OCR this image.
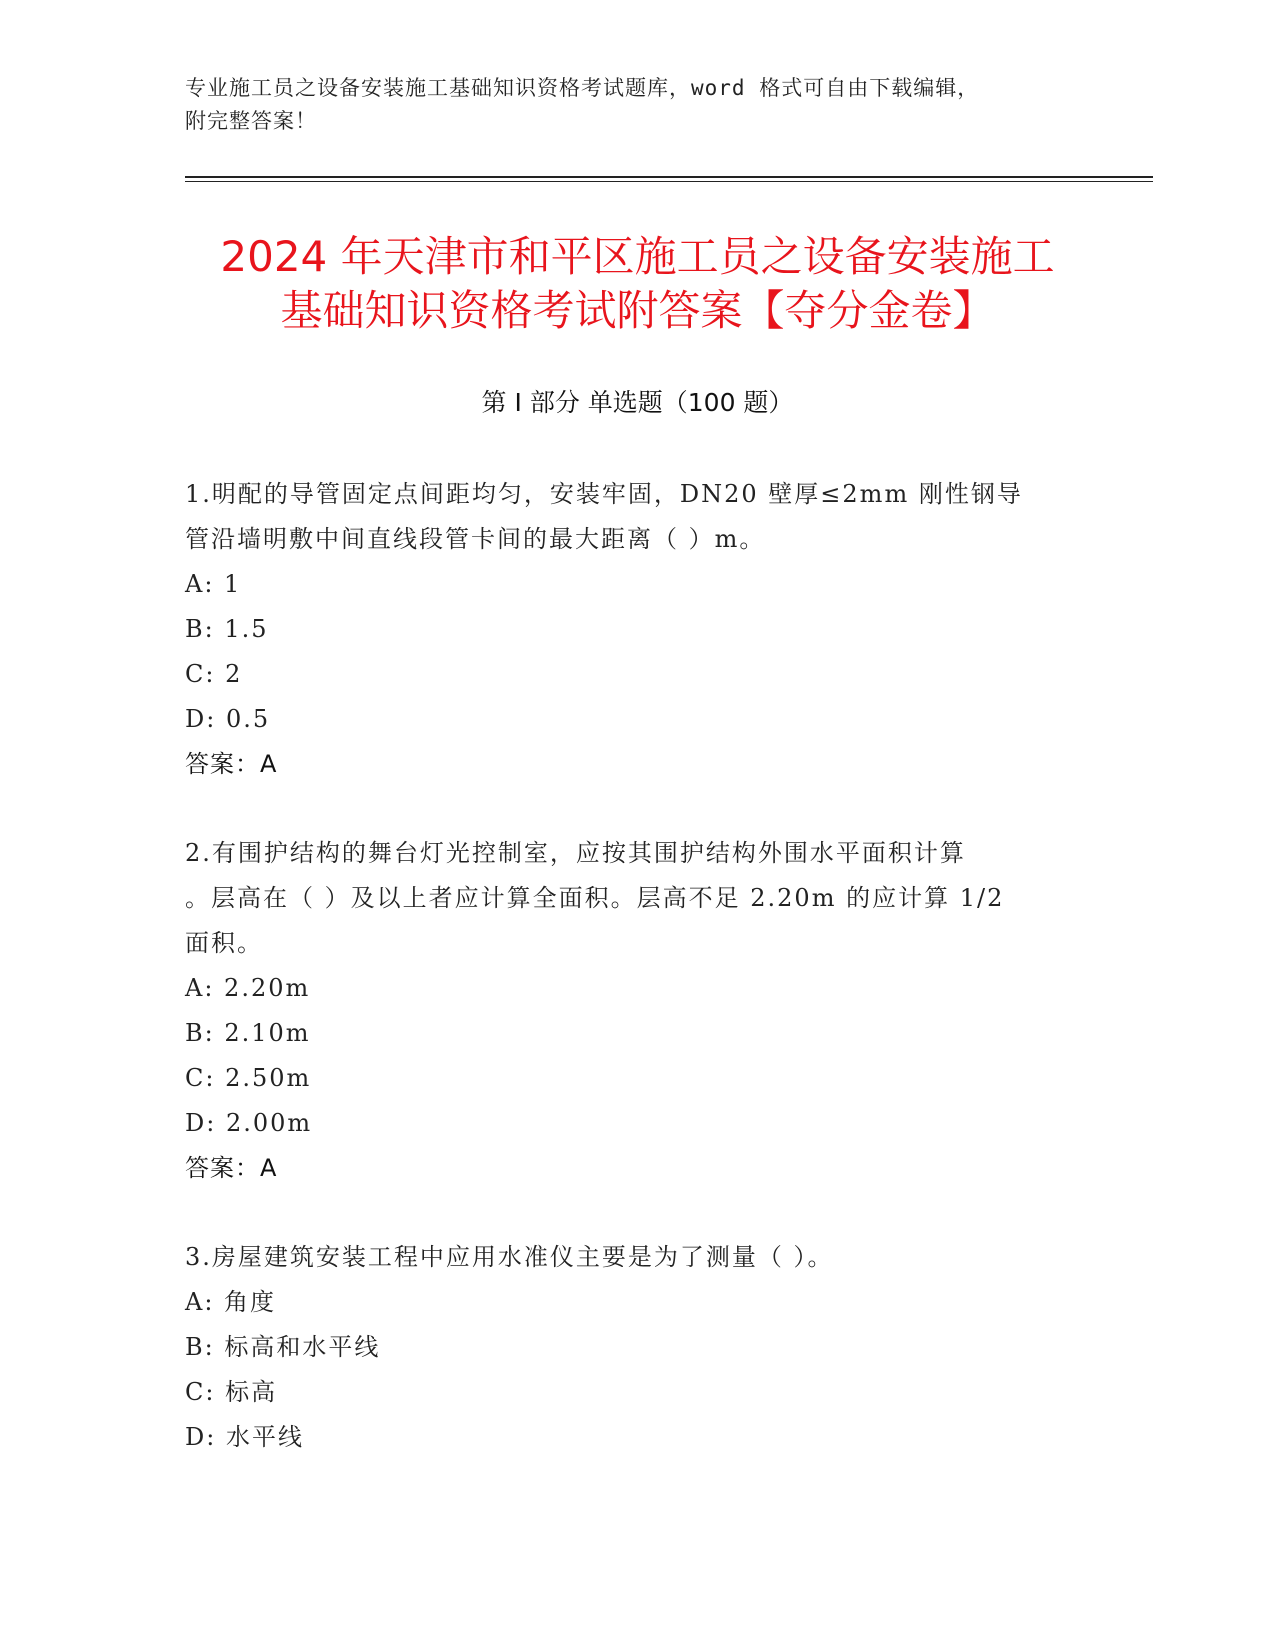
专业施工员之设备安装施工基础知识资格考试题库，word 格式可自由下载编辑，
附完整答案！
2024 年天津市和平区施工员之设备安装施工
基础知识资格考试附答案【夺分金卷】
第 I 部分 单选题（100 题）
1.明配的导管固定点间距均匀，安装牢固，DN20 壁厚≤2mm 刚性钢导
管沿墙明敷中间直线段管卡间的最大距离（ ）m。
A: 1
B: 1.5
C: 2
D: 0.5
答案：A
2.有围护结构的舞台灯光控制室，应按其围护结构外围水平面积计算
。层高在（ ）及以上者应计算全面积。层高不足 2.20m 的应计算 1/2
面积。
A: 2.20m
B: 2.10m
C: 2.50m
D: 2.00m
答案：A
3.房屋建筑安装工程中应用水准仪主要是为了测量（ ）。
A: 角度
B: 标高和水平线
C: 标高
D: 水平线
